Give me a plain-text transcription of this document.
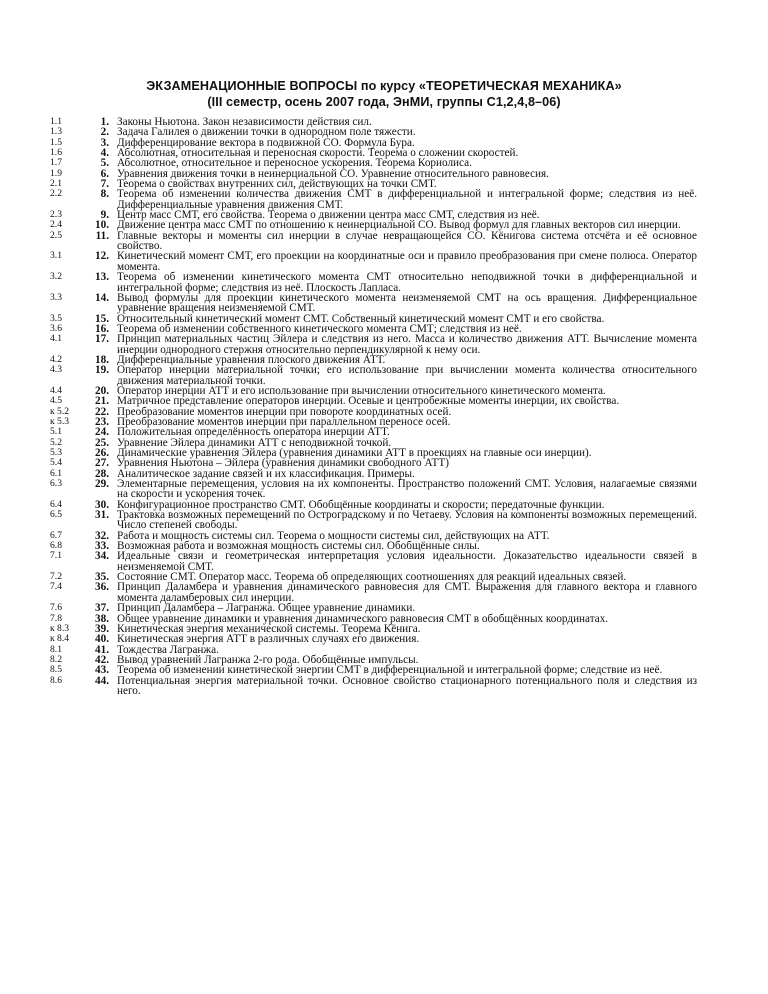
ЭКЗАМЕНАЦИОННЫЕ ВОПРОСЫ по курсу «ТЕОРЕТИЧЕСКАЯ МЕХАНИКА»
(III семестр, осень 2007 года, ЭнМИ, группы С1,2,4,8–06)
1.1	1. Законы Ньютона. Закон независимости действия сил.
1.3	2. Задача Галилея о движении точки в однородном поле тяжести.
1.5	3. Дифференцирование вектора в подвижной СО. Формула Бура.
1.6	4. Абсолютная, относительная и переносная скорости. Теорема о сложении скоростей.
1.7	5. Абсолютное, относительное и переносное ускорения. Теорема Кориолиса.
1.9	6. Уравнения движения точки в неинерциальной СО. Уравнение относительного равновесия.
2.1	7. Теорема о свойствах внутренних сил, действующих на точки СМТ.
2.2	8. Теорема об изменении количества движения СМТ в дифференциальной и интегральной форме; следствия из неё. Дифференциальные уравнения движения СМТ.
2.3	9. Центр масс СМТ, его свойства. Теорема о движении центра масс СМТ, следствия из неё.
2.4	10. Движение центра масс СМТ по отношению к неинерциальной СО. Вывод формул для главных векторов сил инерции.
2.5	11. Главные векторы и моменты сил инерции в случае невращающейся СО. Кёнигова система отсчёта и её основное свойство.
3.1	12. Кинетический момент СМТ, его проекции на координатные оси и правило преобразования при смене полюса. Оператор момента.
3.2	13. Теорема об изменении кинетического момента СМТ относительно неподвижной точки в дифференциальной и интегральной форме; следствия из неё. Плоскость Лапласа.
3.3	14. Вывод формулы для проекции кинетического момента неизменяемой СМТ на ось вращения. Дифференциальное уравнение вращения неизменяемой СМТ.
3.5	15. Относительный кинетический момент СМТ. Собственный кинетический момент СМТ и его свойства.
3.6	16. Теорема об изменении собственного кинетического момента СМТ; следствия из неё.
4.1	17. Принцип материальных частиц Эйлера и следствия из него. Масса и количество движения АТТ. Вычисление момента инерции однородного стержня относительно перпендикулярной к нему оси.
4.2	18. Дифференциальные уравнения плоского движения АТТ.
4.3	19. Оператор инерции материальной точки; его использование при вычислении момента количества относительного движения материальной точки.
4.4	20. Оператор инерции АТТ и его использование при вычислении относительного кинетического момента.
4.5	21. Матричное представление операторов инерции. Осевые и центробежные моменты инерции, их свойства.
к 5.2	22. Преобразование моментов инерции при повороте координатных осей.
к 5.3	23. Преобразование моментов инерции при параллельном переносе осей.
5.1	24. Положительная определённость оператора инерции АТТ.
5.2	25. Уравнение Эйлера динамики АТТ с неподвижной точкой.
5.3	26. Динамические уравнения Эйлера (уравнения динамики АТТ в проекциях на главные оси инерции).
5.4	27. Уравнения Ньютона – Эйлера (уравнения динамики свободного АТТ)
6.1	28. Аналитическое задание связей и их классификация. Примеры.
6.3	29. Элементарные перемещения, условия на их компоненты. Пространство положений СМТ. Условия, налагаемые связями на скорости и ускорения точек.
6.4	30. Конфигурационное пространство СМТ. Обобщённые координаты и скорости; передаточные функции.
6.5	31. Трактовка возможных перемещений по Остроградскому и по Четаеву. Условия на компоненты возможных перемещений. Число степеней свободы.
6.7	32. Работа и мощность системы сил. Теорема о мощности системы сил, действующих на АТТ.
6.8	33. Возможная работа и возможная мощность системы сил. Обобщённые силы.
7.1	34. Идеальные связи и геометрическая интерпретация условия идеальности. Доказательство идеальности связей в неизменяемой СМТ.
7.2	35. Состояние СМТ. Оператор масс. Теорема об определяющих соотношениях для реакций идеальных связей.
7.4	36. Принцип Даламбера и уравнения динамического равновесия для СМТ. Выражения для главного вектора и главного момента даламберовых сил инерции.
7.6	37. Принцип Даламбера – Лагранжа. Общее уравнение динамики.
7.8	38. Общее уравнение динамики и уравнения динамического равновесия СМТ в обобщённых координатах.
к 8.3	39. Кинетическая энергия механической системы. Теорема Кёнига.
к 8.4	40. Кинетическая энергия АТТ в различных случаях его движения.
8.1	41. Тождества Лагранжа.
8.2	42. Вывод уравнений Лагранжа 2-го рода. Обобщённые импульсы.
8.5	43. Теорема об изменении кинетической энергии СМТ в дифференциальной и интегральной форме; следствие из неё.
8.6	44. Потенциальная энергия материальной точки. Основное свойство стационарного потенциального поля и следствия из него.
